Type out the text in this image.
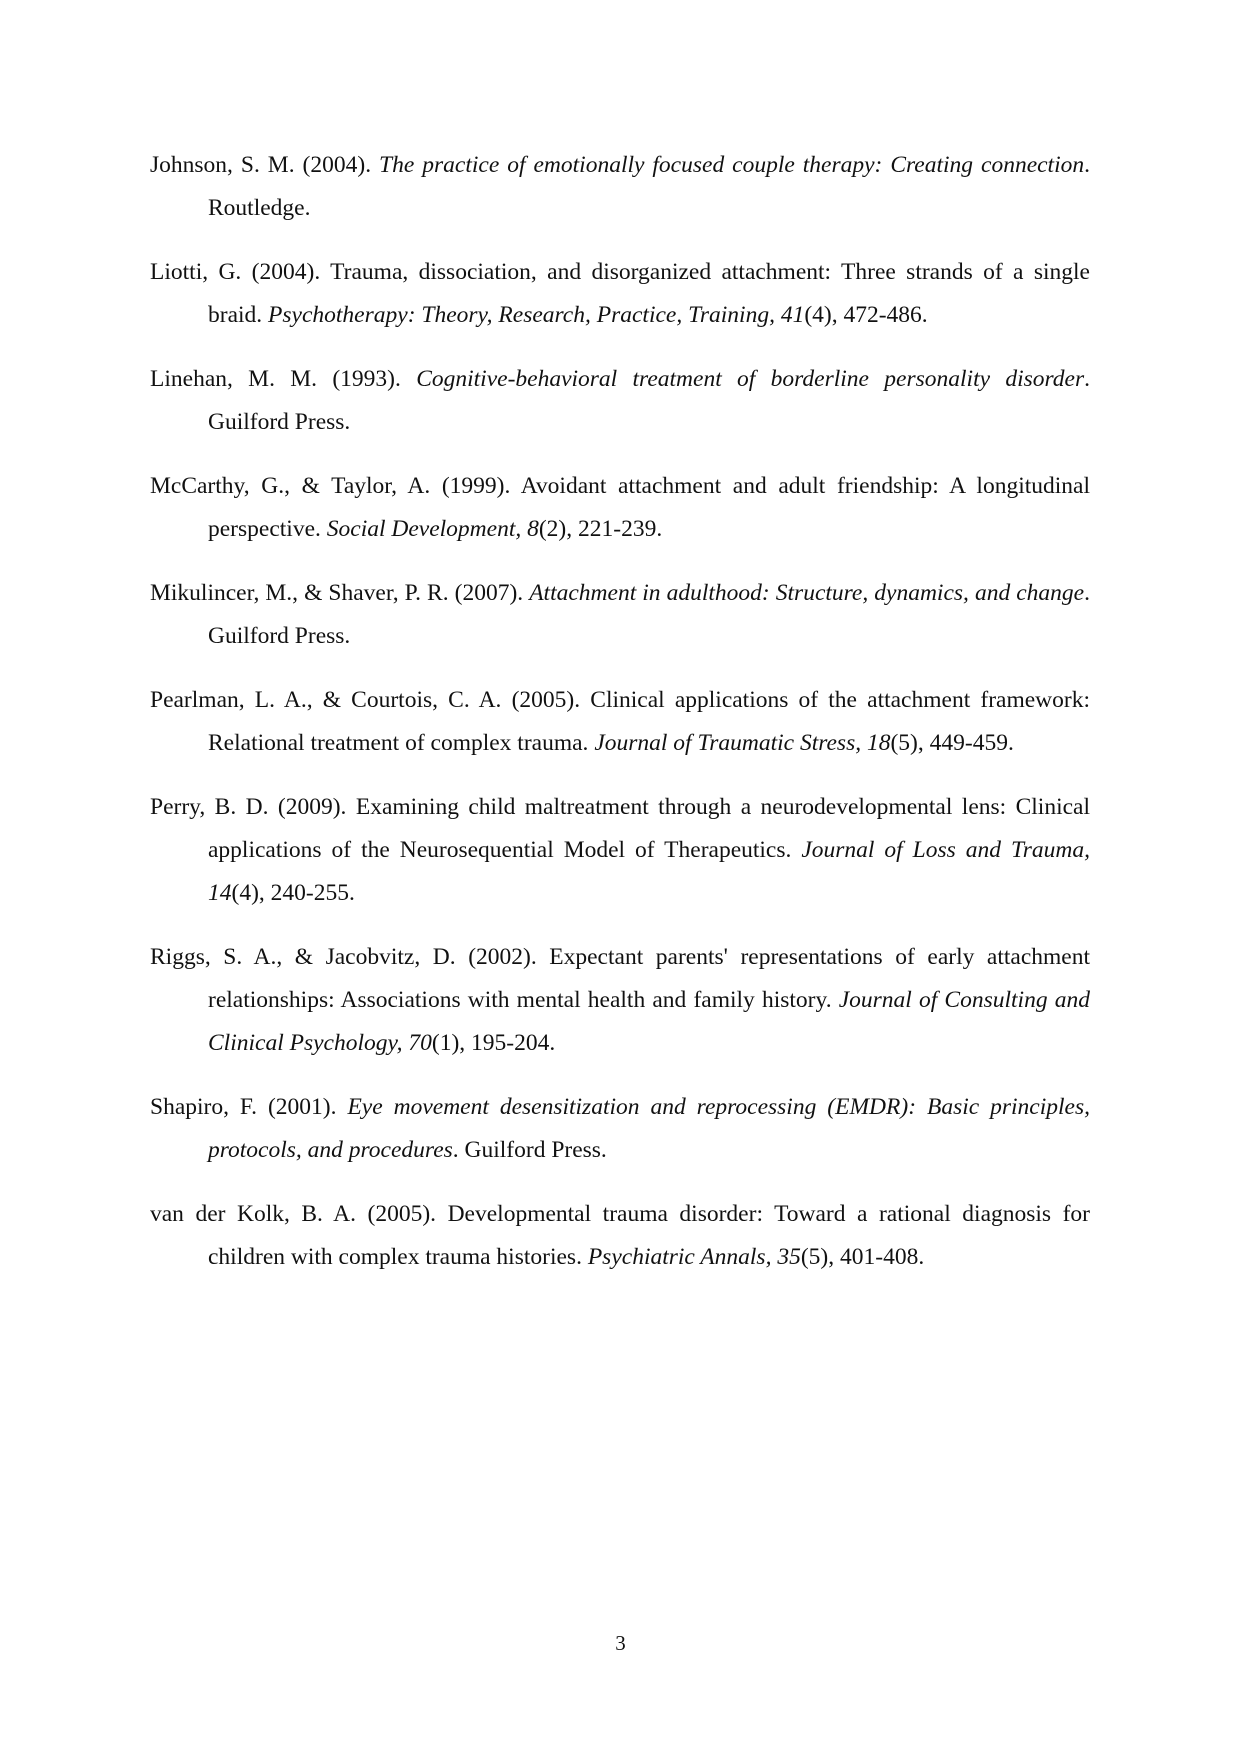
Johnson, S. M. (2004). The practice of emotionally focused couple therapy: Creating connection. Routledge.

Liotti, G. (2004). Trauma, dissociation, and disorganized attachment: Three strands of a single braid. Psychotherapy: Theory, Research, Practice, Training, 41(4), 472-486.

Linehan, M. M. (1993). Cognitive-behavioral treatment of borderline personality disorder. Guilford Press.

McCarthy, G., & Taylor, A. (1999). Avoidant attachment and adult friendship: A longitudinal perspective. Social Development, 8(2), 221-239.

Mikulincer, M., & Shaver, P. R. (2007). Attachment in adulthood: Structure, dynamics, and change. Guilford Press.

Pearlman, L. A., & Courtois, C. A. (2005). Clinical applications of the attachment framework: Relational treatment of complex trauma. Journal of Traumatic Stress, 18(5), 449-459.

Perry, B. D. (2009). Examining child maltreatment through a neurodevelopmental lens: Clinical applications of the Neurosequential Model of Therapeutics. Journal of Loss and Trauma, 14(4), 240-255.

Riggs, S. A., & Jacobvitz, D. (2002). Expectant parents' representations of early attachment relationships: Associations with mental health and family history. Journal of Consulting and Clinical Psychology, 70(1), 195-204.

Shapiro, F. (2001). Eye movement desensitization and reprocessing (EMDR): Basic principles, protocols, and procedures. Guilford Press.

van der Kolk, B. A. (2005). Developmental trauma disorder: Toward a rational diagnosis for children with complex trauma histories. Psychiatric Annals, 35(5), 401-408.

3
